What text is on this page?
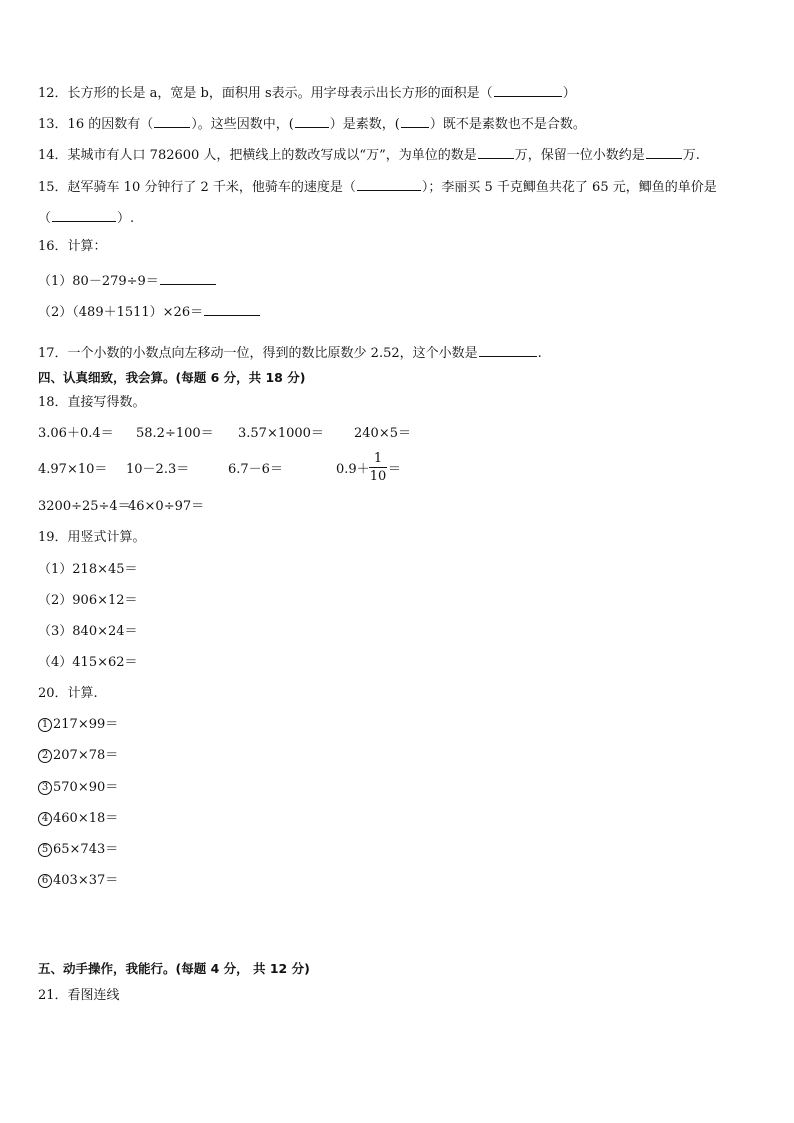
12．长方形的长是 a，宽是 b，面积用 s表示。用字母表示出长方形的面积是（	）
13．16 的因数有（	）。这些因数中，(	）是素数，( ）既不是素数也不是合数。
14．某城市有人口 782600 人，把横线上的数改写成以“万”，为单位的数是	万，保留一位小数约是	万.
15．赵军骑车 10 分钟行了 2 千米，他骑车的速度是（	）；李丽买 5 千克鲫鱼共花了 65 元，鲫鱼的单价是
（	）.
16．计算：
（1）80－279÷9＝
（2）（489＋1511）×26＝
17．一个小数的小数点向左移动一位，得到的数比原数少 2.52，这个小数是	.
四、认真细致，我会算。(每题 6 分，共 18 分)
18．直接写得数。
3.06＋0.4＝ 58.2÷100＝ 3.57×1000＝ 240×5＝
4.97×10＝ 10－2.3＝	6.7－6＝	$0.9+ \frac{1}{10}$ ＝
3200÷25÷4＝
46×0÷97＝
19．用竖式计算。
（1）218×45＝
（2）906×12＝
（3）840×24＝
（4）415×62＝
20．计算.
1 217×99＝
2 207×78＝
3 570×90＝
4 460×18＝
5 65×743＝
6 403×37＝
五、动手操作，我能行。(每题 4 分， 共 12 分)
21．看图连线
